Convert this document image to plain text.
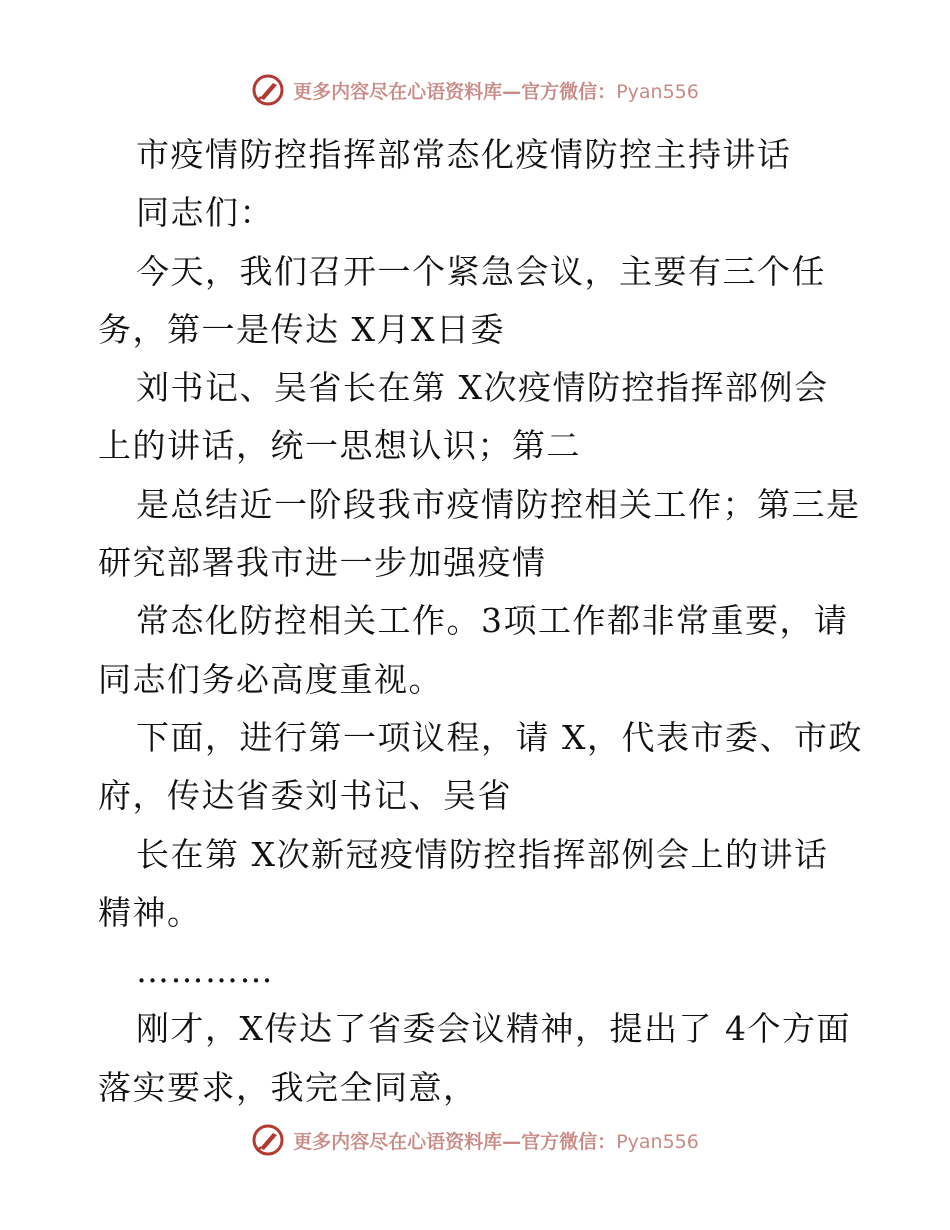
更多内容尽在心语资料库—官方微信：Pyan556
市疫情防控指挥部常态化疫情防控主持讲话
同志们：
今天，我们召开一个紧急会议，主要有三个任
务，第一是传达 X月X日委
刘书记、吴省长在第 X次疫情防控指挥部例会
上的讲话，统一思想认识；第二
是总结近一阶段我市疫情防控相关工作；第三是
研究部署我市进一步加强疫情
常态化防控相关工作。3项工作都非常重要，请
同志们务必高度重视。
下面，进行第一项议程，请 X，代表市委、市政
府，传达省委刘书记、吴省
长在第 X次新冠疫情防控指挥部例会上的讲话
精神。
…………
刚才，X传达了省委会议精神，提出了 4个方面
落实要求，我完全同意，
更多内容尽在心语资料库—官方微信：Pyan556
